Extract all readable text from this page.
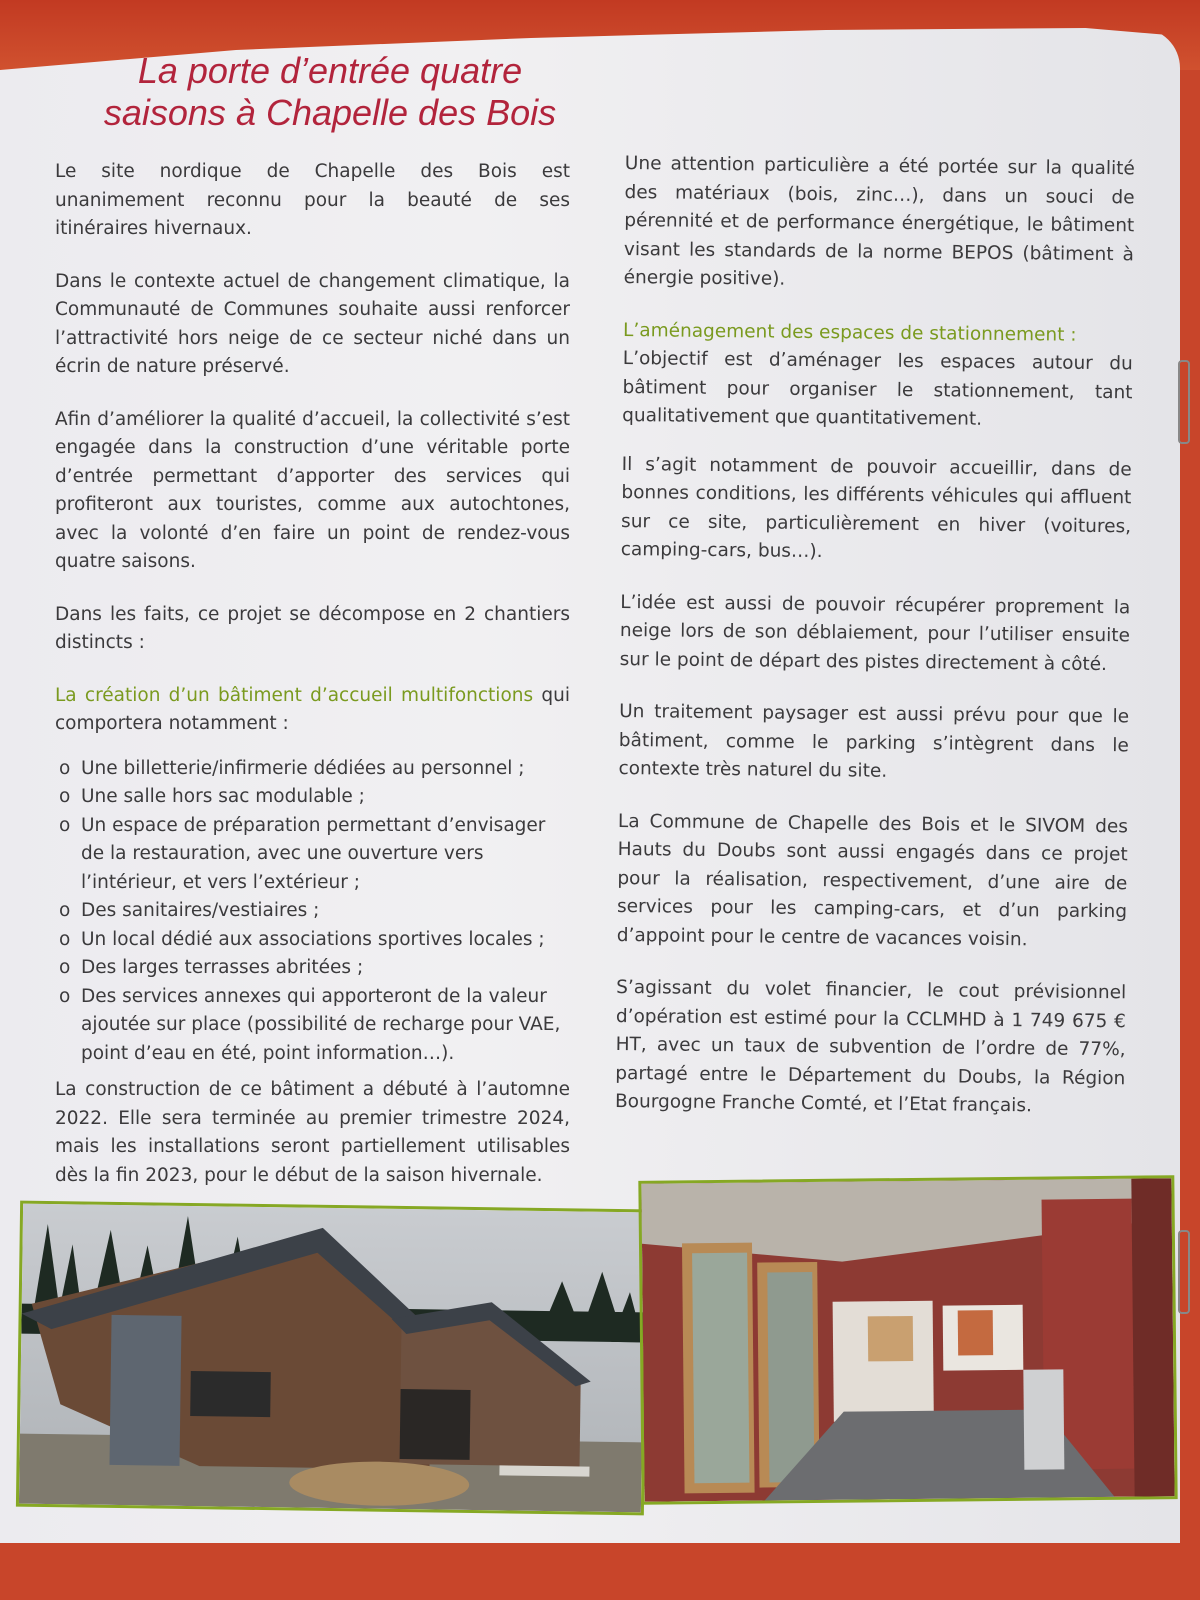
La porte d’entrée quatre
saisons à Chapelle des Bois

Le site nordique de Chapelle des Bois est unanimement reconnu pour la beauté de ses itinéraires hivernaux.

Dans le contexte actuel de changement climatique, la Communauté de Communes souhaite aussi renforcer l’attractivité hors neige de ce secteur niché dans un écrin de nature préservé.

Afin d’améliorer la qualité d’accueil, la collectivité s’est engagée dans la construction d’une véritable porte d’entrée permettant d’apporter des services qui profiteront aux touristes, comme aux autochtones, avec la volonté d’en faire un point de rendez-vous quatre saisons.

Dans les faits, ce projet se décompose en 2 chantiers distincts :

La création d’un bâtiment d’accueil multifonctions qui comportera notamment :

o Une billetterie/infirmerie dédiées au personnel ;
o Une salle hors sac modulable ;
o Un espace de préparation permettant d’envisager de la restauration, avec une ouverture vers l’intérieur, et vers l’extérieur ;
o Des sanitaires/vestiaires ;
o Un local dédié aux associations sportives locales ;
o Des larges terrasses abritées ;
o Des services annexes qui apporteront de la valeur ajoutée sur place (possibilité de recharge pour VAE, point d’eau en été, point information…).

La construction de ce bâtiment a débuté à l’automne 2022. Elle sera terminée au premier trimestre 2024, mais les installations seront partiellement utilisables dès la fin 2023, pour le début de la saison hivernale.

Une attention particulière a été portée sur la qualité des matériaux (bois, zinc…), dans un souci de pérennité et de performance énergétique, le bâtiment visant les standards de la norme BEPOS (bâtiment à énergie positive).

L’aménagement des espaces de stationnement :
L’objectif est d’aménager les espaces autour du bâtiment pour organiser le stationnement, tant qualitativement que quantitativement.

Il s’agit notamment de pouvoir accueillir, dans de bonnes conditions, les différents véhicules qui affluent sur ce site, particulièrement en hiver (voitures, camping-cars, bus…).

L’idée est aussi de pouvoir récupérer proprement la neige lors de son déblaiement, pour l’utiliser ensuite sur le point de départ des pistes directement à côté.

Un traitement paysager est aussi prévu pour que le bâtiment, comme le parking s’intègrent dans le contexte très naturel du site.

La Commune de Chapelle des Bois et le SIVOM des Hauts du Doubs sont aussi engagés dans ce projet pour la réalisation, respectivement, d’une aire de services pour les camping-cars, et d’un parking d’appoint pour le centre de vacances voisin.

S’agissant du volet financier, le cout prévisionnel d’opération est estimé pour la CCLMHD à 1 749 675 € HT, avec un taux de subvention de l’ordre de 77%, partagé entre le Département du Doubs, la Région Bourgogne Franche Comté, et l’Etat français.
